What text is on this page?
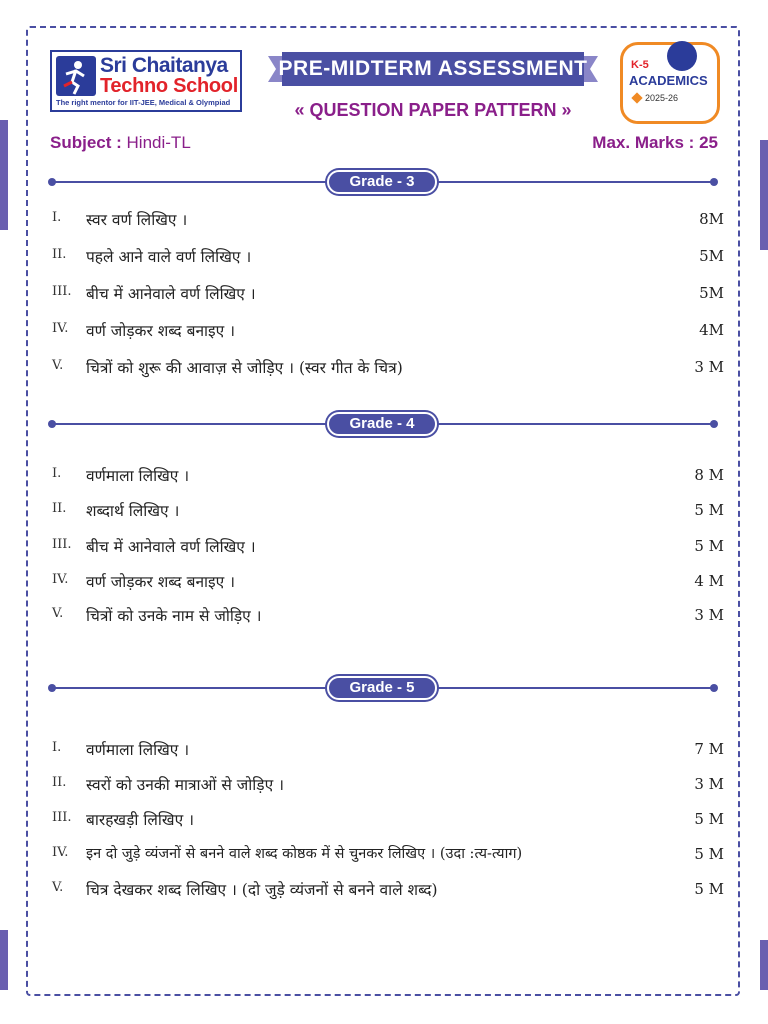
Sri Chaitanya
Techno School
The right mentor for IIT-JEE, Medical & Olympiad
PRE-MIDTERM ASSESSMENT
« QUESTION PAPER PATTERN »
K-5
ACADEMICS
2025-26
Subject : Hindi-TL	Max. Marks : 25
Grade - 3
I. स्वर वर्ण लिखिए ।	8M
II. पहले आने वाले वर्ण लिखिए ।	5M
III. बीच में आनेवाले वर्ण लिखिए ।	5M
IV. वर्ण जोड़कर शब्द बनाइए ।	4M
V. चित्रों को शुरू की आवाज़ से जोड़िए । (स्वर गीत के चित्र)	3 M
Grade - 4
I. वर्णमाला लिखिए ।	8 M
II. शब्दार्थ लिखिए ।	5 M
III. बीच में आनेवाले वर्ण लिखिए ।	5 M
IV. वर्ण जोड़कर शब्द बनाइए ।	4 M
V. चित्रों को उनके नाम से जोड़िए ।	3 M
Grade - 5
I. वर्णमाला लिखिए ।	7 M
II. स्वरों को उनकी मात्राओं से जोड़िए ।	3 M
III. बारहखड़ी लिखिए ।	5 M
IV. इन दो जुड़े व्यंजनों से बनने वाले शब्द कोष्ठक में से चुनकर लिखिए । (उदा :त्य-त्याग)	5 M
V. चित्र देखकर शब्द लिखिए । (दो जुड़े व्यंजनों से बनने वाले शब्द)	5 M
